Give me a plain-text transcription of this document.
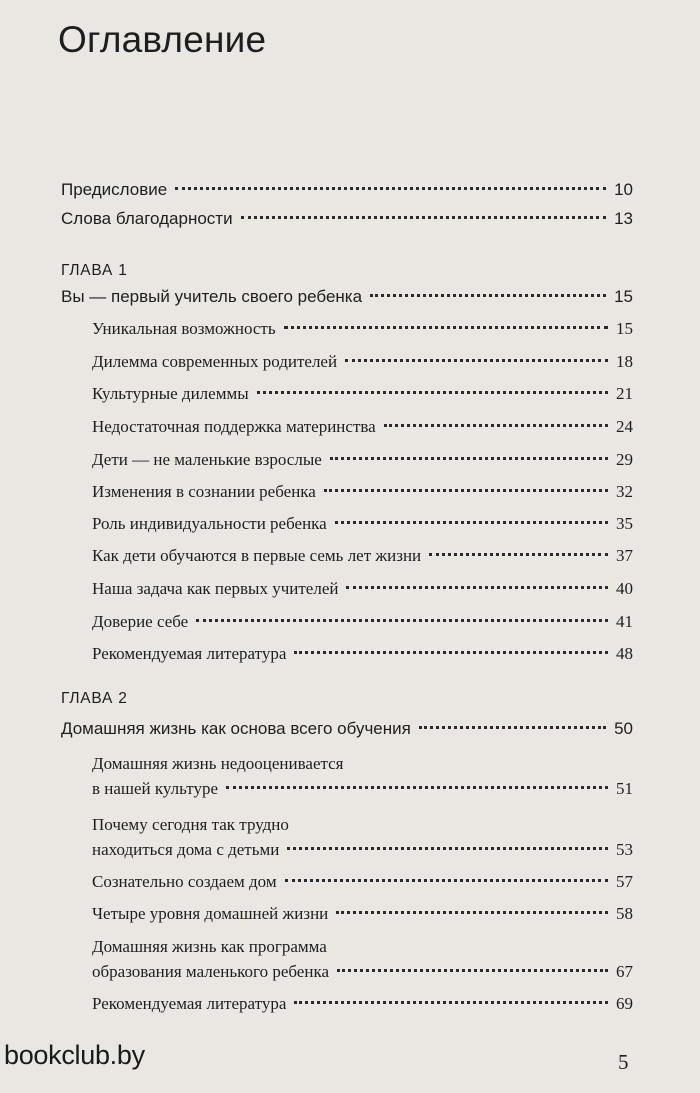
Оглавление
Предисловие	10
Слова благодарности	13
ГЛАВА 1
Вы — первый учитель своего ребенка	15
Уникальная возможность	15
Дилемма современных родителей	18
Культурные дилеммы	21
Недостаточная поддержка материнства	24
Дети — не маленькие взрослые	29
Изменения в сознании ребенка	32
Роль индивидуальности ребенка	35
Как дети обучаются в первые семь лет жизни	37
Наша задача как первых учителей	40
Доверие себе	41
Рекомендуемая литература	48
ГЛАВА 2
Домашняя жизнь как основа всего обучения	50
Домашняя жизнь недооценивается
в нашей культуре	51
Почему сегодня так трудно
находиться дома с детьми	53
Сознательно создаем дом	57
Четыре уровня домашней жизни	58
Домашняя жизнь как программа
образования маленького ребенка	67
Рекомендуемая литература	69
bookclub.by	5
